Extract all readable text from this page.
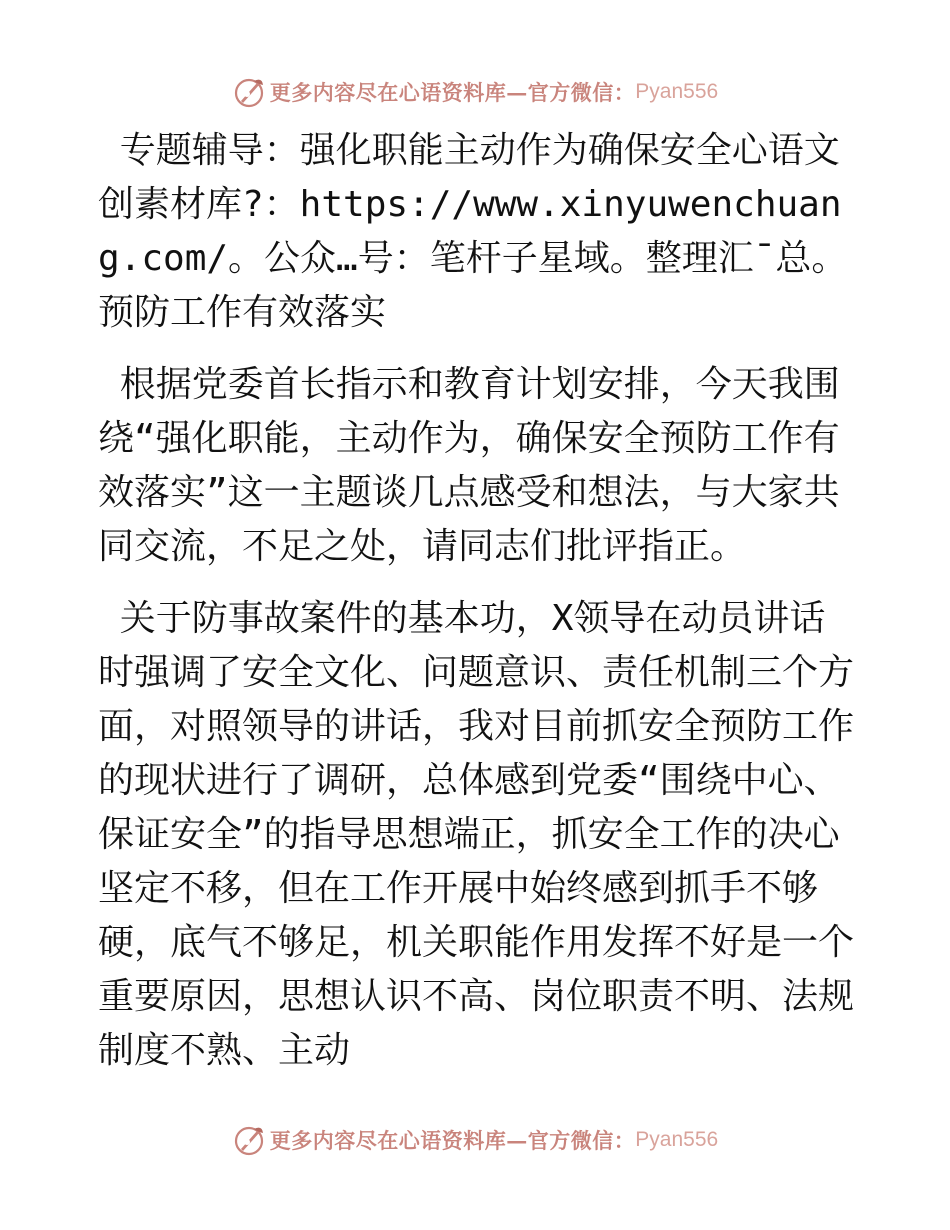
更多内容尽在心语资料库—官方微信： Pyan556

专题辅导：强化职能主动作为确保安全心语文创素材库?：https://www.xinyuwenchuang.com/。公众…号：笔杆子星域。整理汇¯总。预防工作有效落实

根据党委首长指示和教育计划安排，今天我围绕“强化职能，主动作为，确保安全预防工作有效落实”这一主题谈几点感受和想法，与大家共同交流，不足之处，请同志们批评指正。

关于防事故案件的基本功，X领导在动员讲话时强调了安全文化、问题意识、责任机制三个方面，对照领导的讲话，我对目前抓安全预防工作的现状进行了调研，总体感到党委“围绕中心、保证安全”的指导思想端正，抓安全工作的决心坚定不移，但在工作开展中始终感到抓手不够硬，底气不够足，机关职能作用发挥不好是一个重要原因，思想认识不高、岗位职责不明、法规制度不熟、主动

更多内容尽在心语资料库—官方微信： Pyan556
